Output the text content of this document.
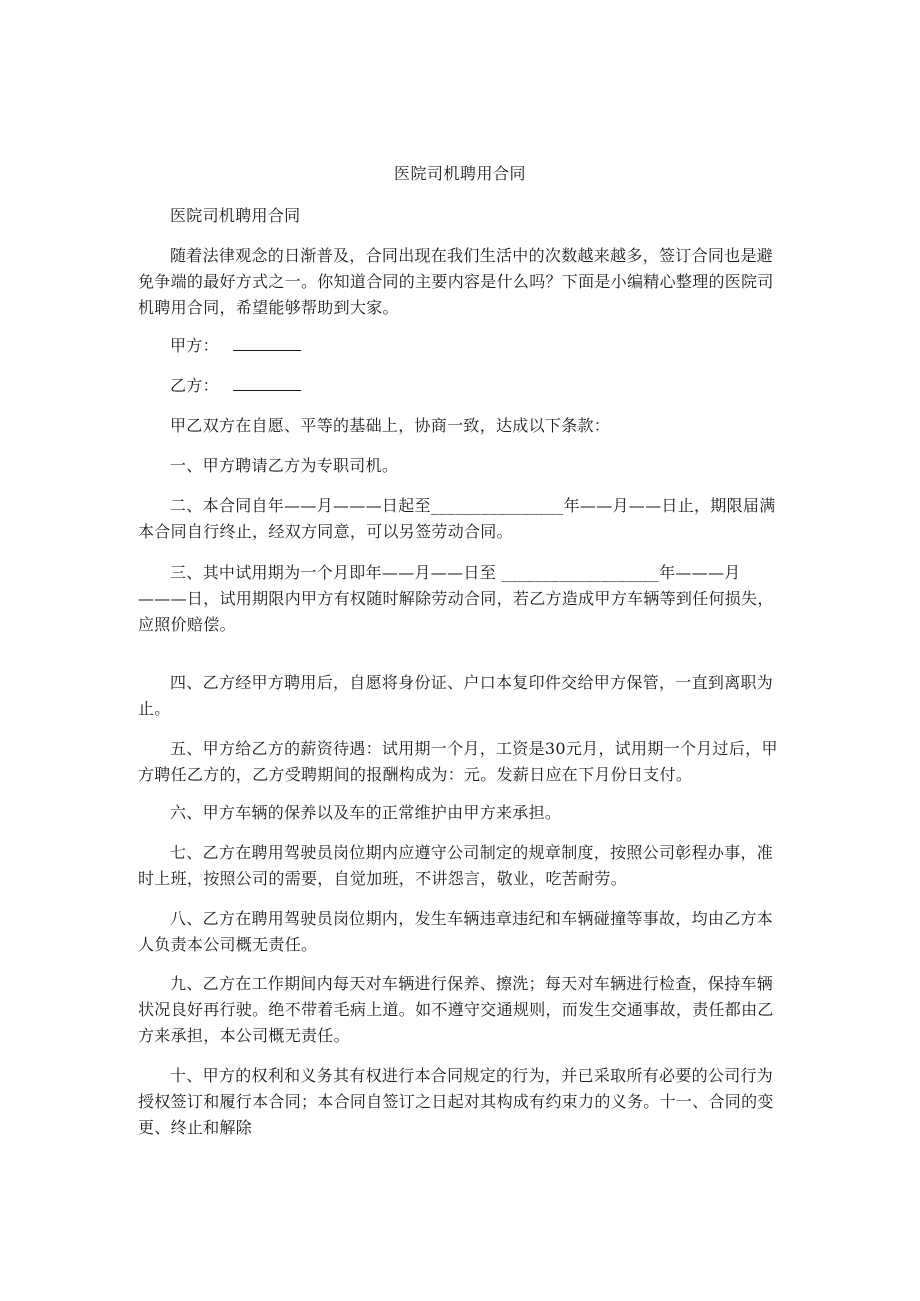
医院司机聘用合同

医院司机聘用合同

随着法律观念的日渐普及，合同出现在我们生活中的次数越来越多，签订合同也是避免争端的最好方式之一。你知道合同的主要内容是什么吗？下面是小编精心整理的医院司机聘用合同，希望能够帮助到大家。

甲方：

乙方：

甲乙双方在自愿、平等的基础上，协商一致，达成以下条款：

一、甲方聘请乙方为专职司机。

二、本合同自年——月———日起至________________年——月——日止，期限届满本合同自行终止，经双方同意，可以另签劳动合同。

三、其中试用期为一个月即年——月——日至 ___________________年———月———日，试用期限内甲方有权随时解除劳动合同，若乙方造成甲方车辆等到任何损失，应照价赔偿。

四、乙方经甲方聘用后，自愿将身份证、户口本复印件交给甲方保管，一直到离职为止。

五、甲方给乙方的薪资待遇：试用期一个月，工资是30元月，试用期一个月过后，甲方聘任乙方的，乙方受聘期间的报酬构成为：元。发薪日应在下月份日支付。

六、甲方车辆的保养以及车的正常维护由甲方来承担。

七、乙方在聘用驾驶员岗位期内应遵守公司制定的规章制度，按照公司彰程办事，准时上班，按照公司的需要，自觉加班，不讲怨言，敬业，吃苦耐劳。

八、乙方在聘用驾驶员岗位期内，发生车辆违章违纪和车辆碰撞等事故，均由乙方本人负责本公司概无责任。

九、乙方在工作期间内每天对车辆进行保养、擦洗；每天对车辆进行检查，保持车辆状况良好再行驶。绝不带着毛病上道。如不遵守交通规则，而发生交通事故，责任都由乙方来承担，本公司概无责任。

十、甲方的权利和义务其有权进行本合同规定的行为，并已采取所有必要的公司行为授权签订和履行本合同；本合同自签订之日起对其构成有约束力的义务。十一、合同的变更、终止和解除
